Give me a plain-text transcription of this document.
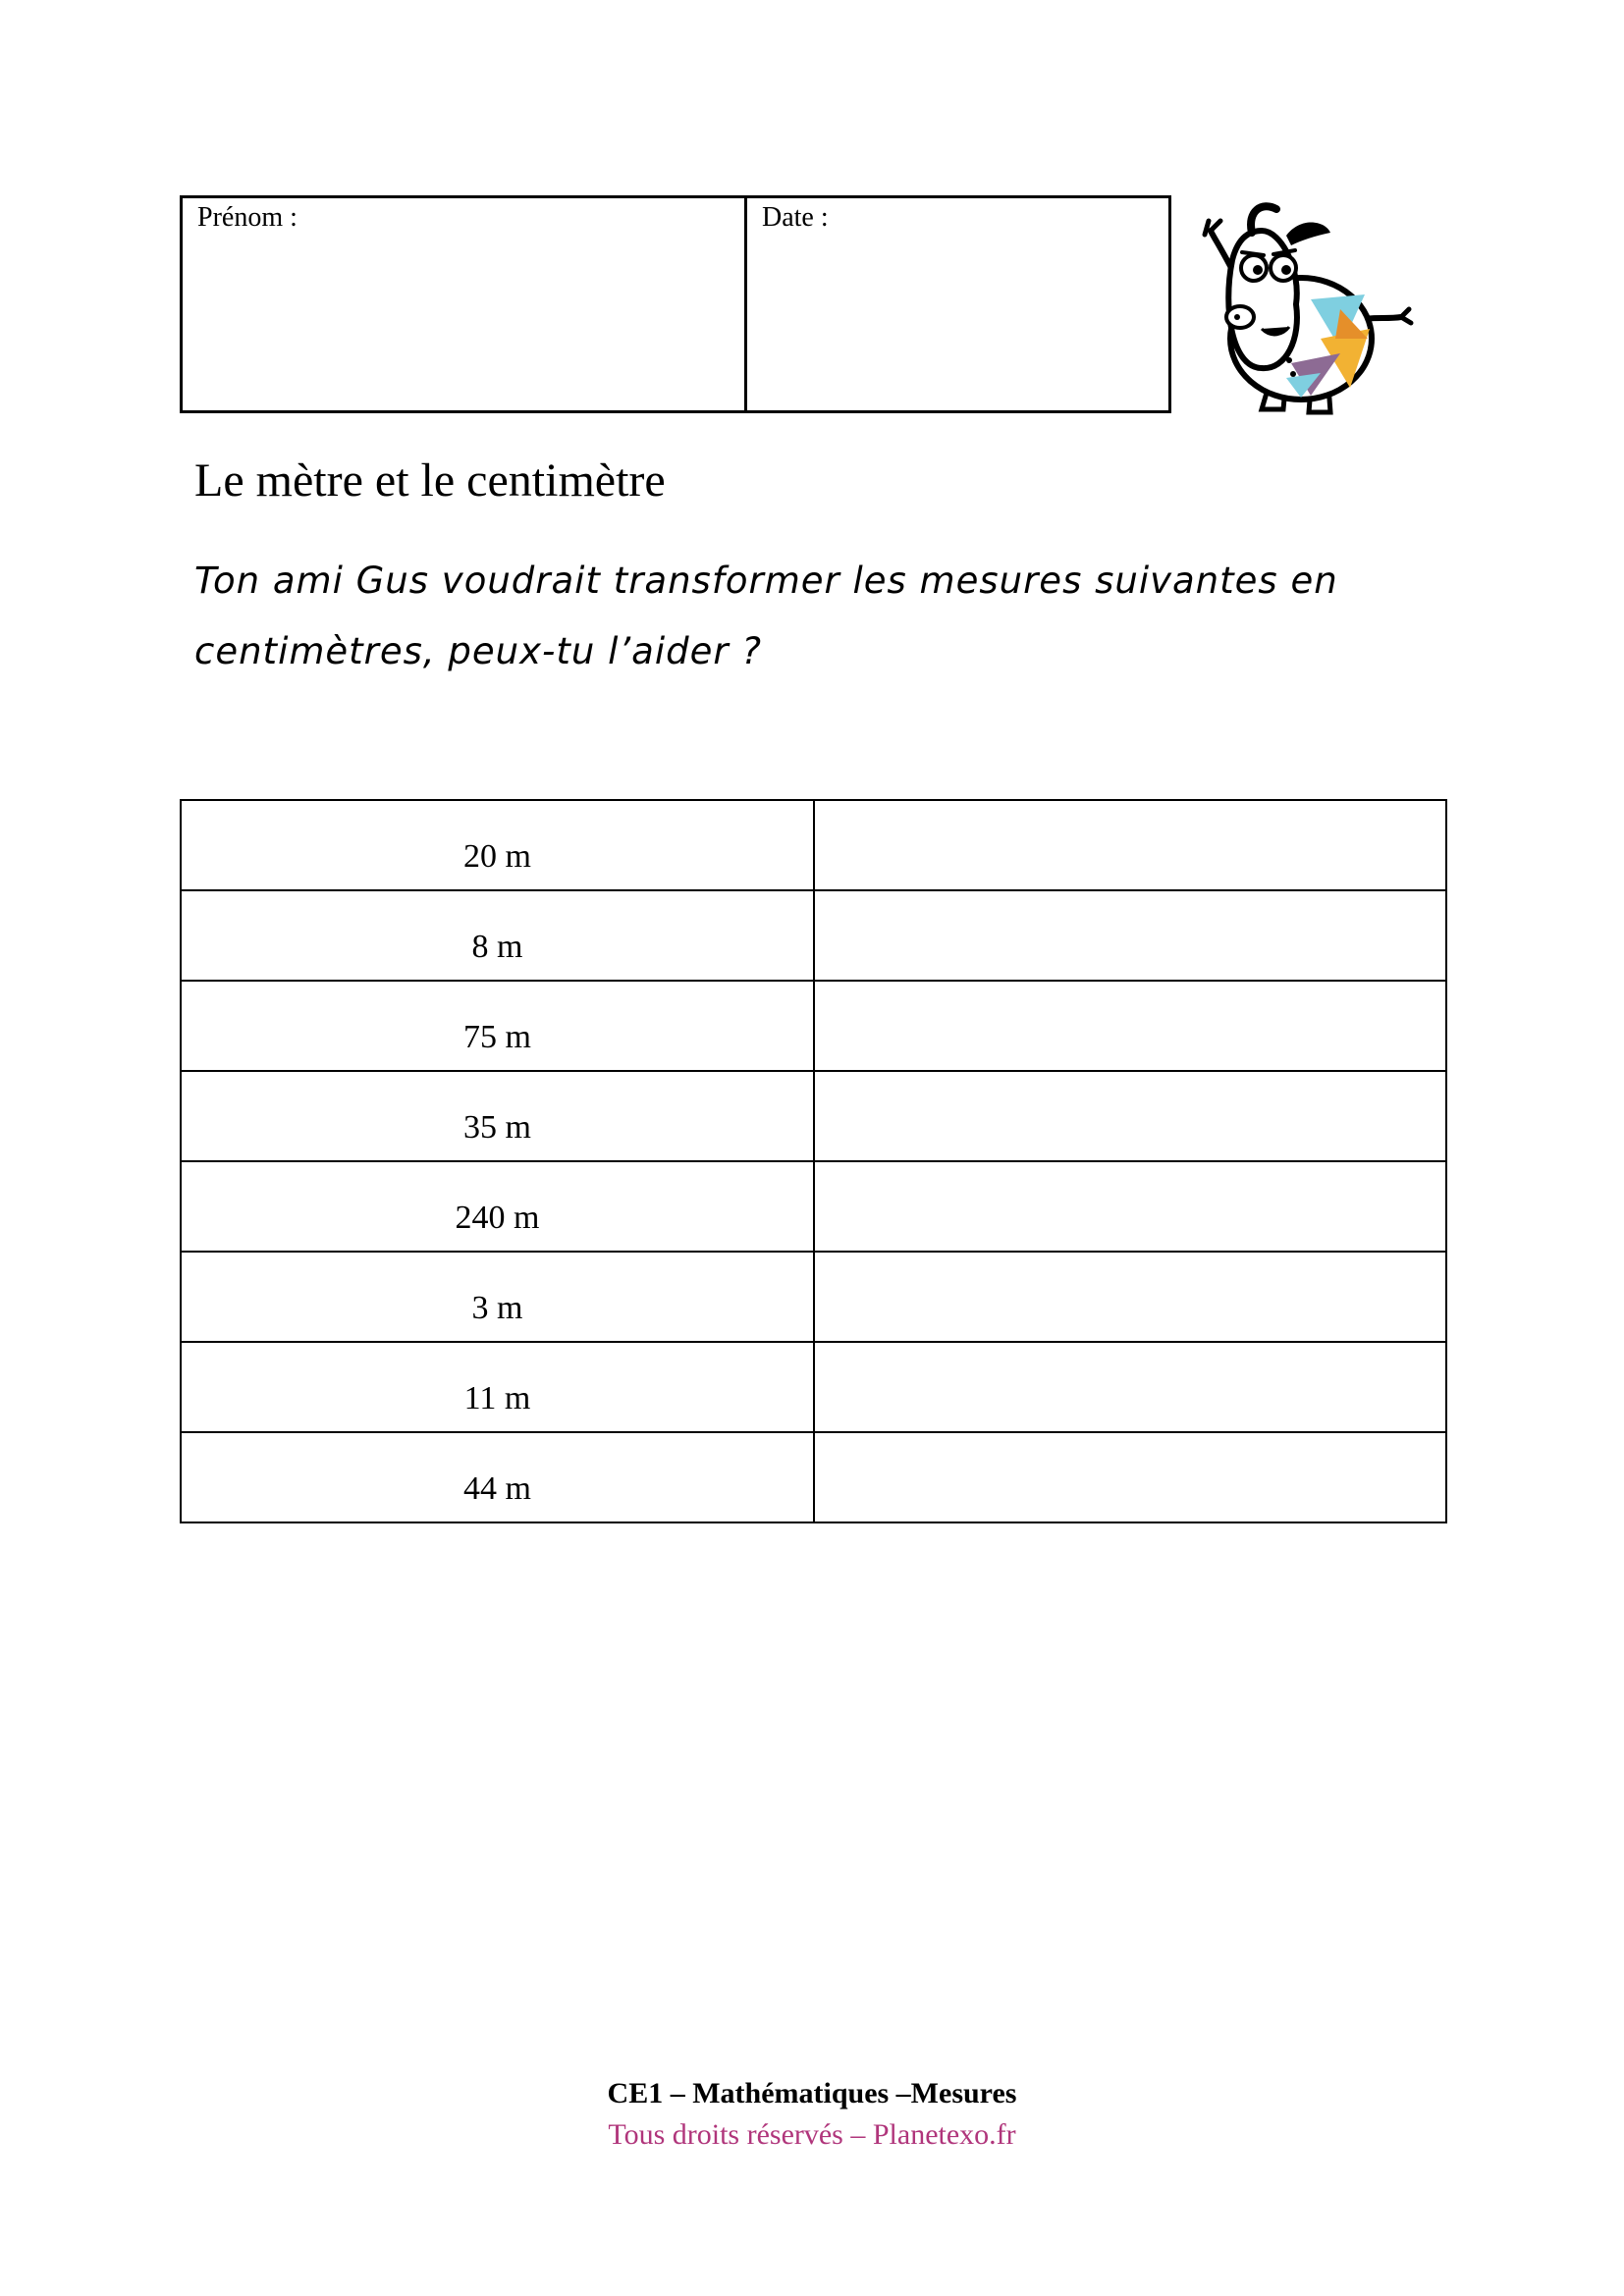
Prénom :	Date :
Le mètre et le centimètre
Ton ami Gus voudrait transformer les mesures suivantes en centimètres, peux-tu l’aider ?
20 m	
8 m	
75 m	
35 m	
240 m	
3 m	
11 m	
44 m	
CE1 – Mathématiques –Mesures
Tous droits réservés – Planetexo.fr
